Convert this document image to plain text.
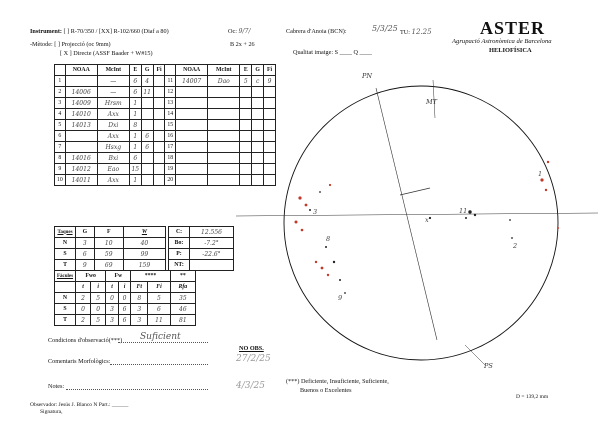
Instrument: [ ] R-70/350 / [XX] R-102/660 (Diaf a 80)	Oc: 9/7/	Cabrera d'Anoia (BCN):	5/3/25 TU: 12.25
-Mètode: [ ] Projecció (oc 9mm)	B 2x + 26
[ X ] Directe (ASSF Baader + W#15)	Qualitat imatge: S ____ Q ____
ASTER
Agrupació Astronòmica de Barcelona
HELIOFÍSICA
	NOAA	McInt	E	G	Fi		NOAA	McInt	E	G	Fi
1		—	6	4		11	14007	Dao	5	c	9
2	14006	—	6	11		12					
3	14009	Hrsm	1			13					
4	14010	Axx	1			14					
5	14013	Dxi	8			15					
6		Axx	1	6		16					
7		Hsxg	1	6		17					
8	14016	Bxi	6			18					
9	14012	Eao	15			19					
10	14011	Axx	1			20					
Taques	G	F	W
N	3	10	40
S	6	59	99
T	9	69	159
C:	12.556
Bo:	-7.2°
P:	-22.6°
NT:	
Fàcules	Fwo		Fw		****		**
	t	i	t	i	Ft	Fi	Rfa
N	2	5	0	0	8	5	35
S	0	0	3	6	3	6	46
T	2	5	3	6	3	11	81
Condicions d'observació(***) Suficient
Comentaris Morfològics:
Notes:
Observador: Jesús J. Blanco N Part.: ______
Signatura,
NO OBS.
27/2/25
4/3/25	(***) Deficiente, Insuficiente, Suficiente,
Buenos o Excelentes
D = 139,2 mm
1
2
11
3
8
9
x
PN
MT
PS
